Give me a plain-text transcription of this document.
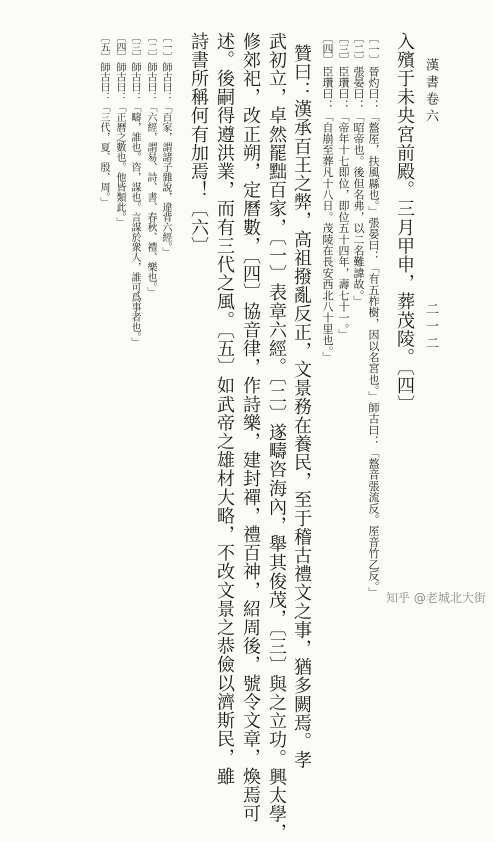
二一二
漢書卷六
〔一〕晉灼曰：「盩厔，扶風縣也。」張晏曰：「有五柞樹，因以名宮也。」師古曰：「盩音張流反。厔音竹乙反。」
〔二〕張晏曰：「昭帝也。後但名弗，以二名難諱故。」
〔三〕臣瓚曰：「帝年十七即位，即位五十四年，壽七十一。」
〔四〕臣瓚曰：「自崩至葬凡十八日。茂陵在長安西北八十里也。」	入殯于未央宮前殿。三月甲申，葬茂陵。〔四〕
贊曰：漢承百王之弊，高祖撥亂反正，文景務在養民，至于稽古禮文之事，猶多闕焉。孝
武初立，卓然罷黜百家，〔一〕表章六經。〔二〕遂疇咨海內，舉其俊茂，〔三〕與之立功。興太學，
修郊祀，改正朔，定曆數，〔四〕協音律，作詩樂，建封禪，禮百神，紹周後，號令文章，煥焉可
述。後嗣得遵洪業，而有三代之風。〔五〕如武帝之雄材大略，不改文景之恭儉以濟斯民，雖
詩書所稱何有加焉！〔六〕
〔一〕師古曰：「百家，謂諸子雜說，違背六經。」
〔二〕師古曰：「六經，謂易、詩、書、春秋、禮、樂也。」
〔三〕師古曰：「疇，誰也。咨，謀也。言謀於衆人，誰可爲事者也。」
〔四〕師古曰：「正曆之數也。他皆類此。」
〔五〕師古曰：「三代，夏、殷、周。」
知乎 @老城北大街
